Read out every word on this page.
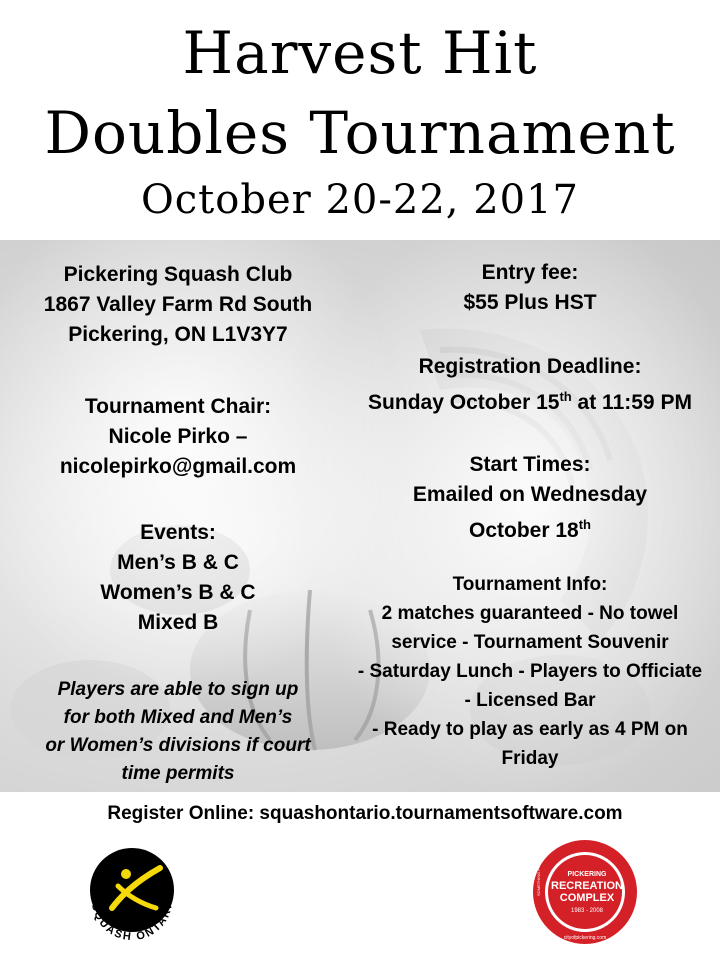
Harvest Hit
Doubles Tournament
October 20-22, 2017
Pickering Squash Club
1867 Valley Farm Rd South
Pickering, ON L1V3Y7
Tournament Chair:
Nicole Pirko –
nicolepirko@gmail.com
Events:
Men’s B & C
Women’s B & C
Mixed B
Players are able to sign up
for both Mixed and Men’s
or Women’s divisions if court
time permits
Entry fee:
$55 Plus HST
Registration Deadline:
Sunday October 15th at 11:59 PM
Start Times:
Emailed on Wednesday
October 18th
Tournament Info:
2 matches guaranteed - No towel
service - Tournament Souvenir
- Saturday Lunch - Players to Officiate
- Licensed Bar
- Ready to play as early as 4 PM on
Friday
Register Online: squashontario.tournamentsoftware.com
SQUASH ONTARI
PICKERING
RECREATION
COMPLEX
1983 - 2008
cityofpickering.com
SOMETHING FOR EVERY AGE, ABILITY & INTEREST!
